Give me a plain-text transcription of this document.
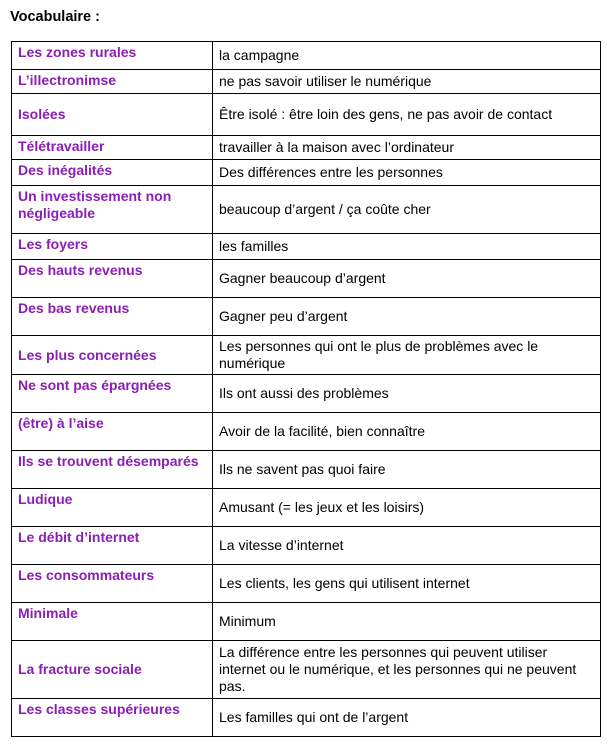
Vocabulaire :
Les zones rurales	la campagne
L’illectronimse	ne pas savoir utiliser le numérique
Isolées	Être isolé : être loin des gens, ne pas avoir de contact
Télétravailler	travailler à la maison avec l’ordinateur
Des inégalités	Des différences entre les personnes
Un investissement non négligeable	beaucoup d’argent / ça coûte cher
Les foyers	les familles
Des hauts revenus	Gagner beaucoup d’argent
Des bas revenus	Gagner peu d’argent
Les plus concernées	Les personnes qui ont le plus de problèmes avec le numérique
Ne sont pas épargnées	Ils ont aussi des problèmes
(être) à l’aise	Avoir de la facilité, bien connaître
Ils se trouvent désemparés	Ils ne savent pas quoi faire
Ludique	Amusant (= les jeux et les loisirs)
Le débit d’internet	La vitesse d’internet
Les consommateurs	Les clients, les gens qui utilisent internet
Minimale	Minimum
La fracture sociale	La différence entre les personnes qui peuvent utiliser internet ou le numérique, et les personnes qui ne peuvent pas.
Les classes supérieures	Les familles qui ont de l’argent
